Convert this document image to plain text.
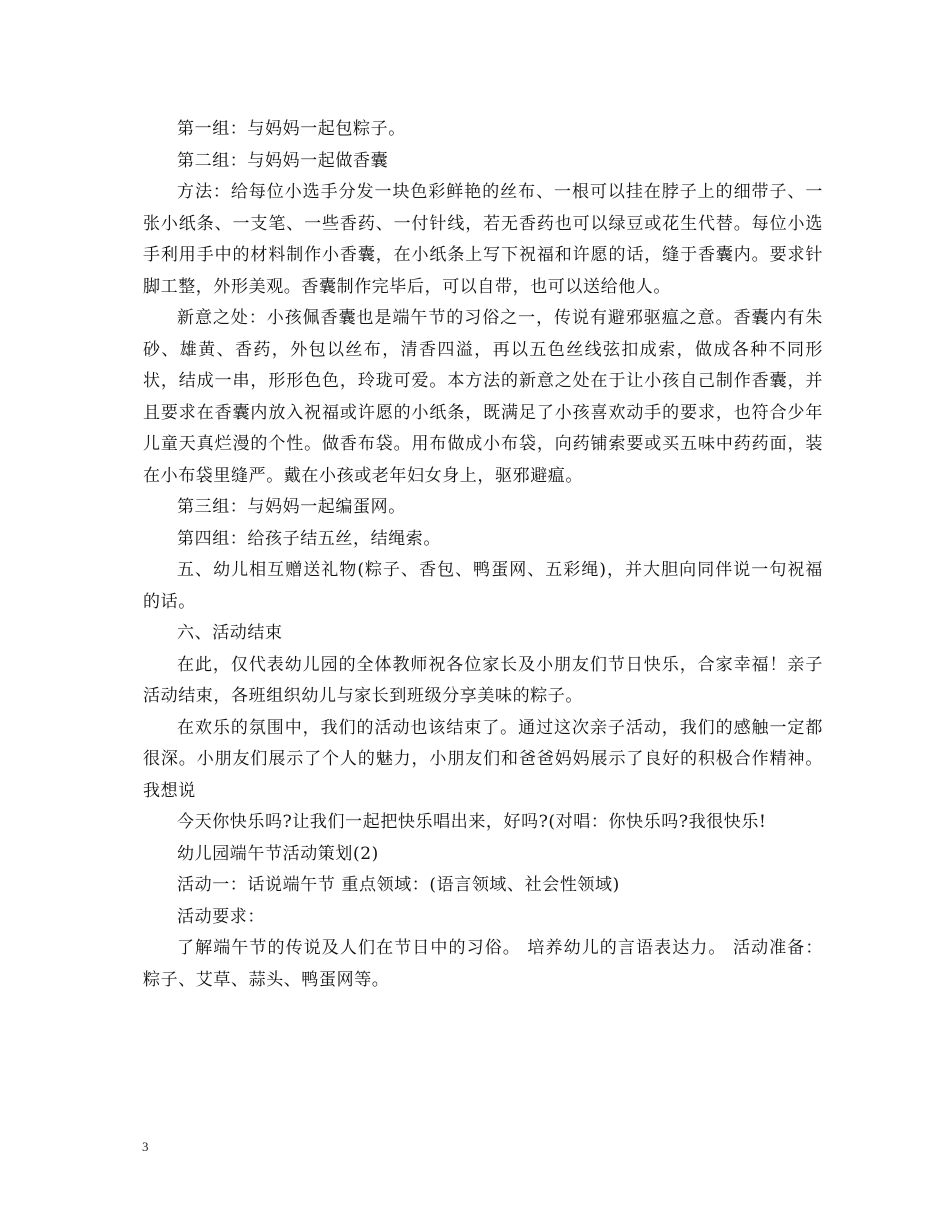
第一组：与妈妈一起包粽子。

第二组：与妈妈一起做香囊

方法：给每位小选手分发一块色彩鲜艳的丝布、一根可以挂在脖子上的细带子、一张小纸条、一支笔、一些香药、一付针线，若无香药也可以绿豆或花生代替。每位小选手利用手中的材料制作小香囊，在小纸条上写下祝福和许愿的话，缝于香囊内。要求针脚工整，外形美观。香囊制作完毕后，可以自带，也可以送给他人。

新意之处：小孩佩香囊也是端午节的习俗之一，传说有避邪驱瘟之意。香囊内有朱砂、雄黄、香药，外包以丝布，清香四溢，再以五色丝线弦扣成索，做成各种不同形状，结成一串，形形色色，玲珑可爱。本方法的新意之处在于让小孩自己制作香囊，并且要求在香囊内放入祝福或许愿的小纸条，既满足了小孩喜欢动手的要求，也符合少年儿童天真烂漫的个性。做香布袋。用布做成小布袋，向药铺索要或买五味中药药面，装在小布袋里缝严。戴在小孩或老年妇女身上，驱邪避瘟。

第三组：与妈妈一起编蛋网。

第四组：给孩子结五丝，结绳索。

五、幼儿相互赠送礼物(粽子、香包、鸭蛋网、五彩绳)，并大胆向同伴说一句祝福的话。

六、活动结束

在此，仅代表幼儿园的全体教师祝各位家长及小朋友们节日快乐，合家幸福！亲子活动结束，各班组织幼儿与家长到班级分享美味的粽子。

在欢乐的氛围中，我们的活动也该结束了。通过这次亲子活动，我们的感触一定都很深。小朋友们展示了个人的魅力，小朋友们和爸爸妈妈展示了良好的积极合作精神。我想说

今天你快乐吗?让我们一起把快乐唱出来，好吗?(对唱：你快乐吗?我很快乐!

幼儿园端午节活动策划(2)

活动一：话说端午节 重点领域：(语言领域、社会性领域)

活动要求：

了解端午节的传说及人们在节日中的习俗。 培养幼儿的言语表达力。 活动准备： 粽子、艾草、蒜头、鸭蛋网等。

3
